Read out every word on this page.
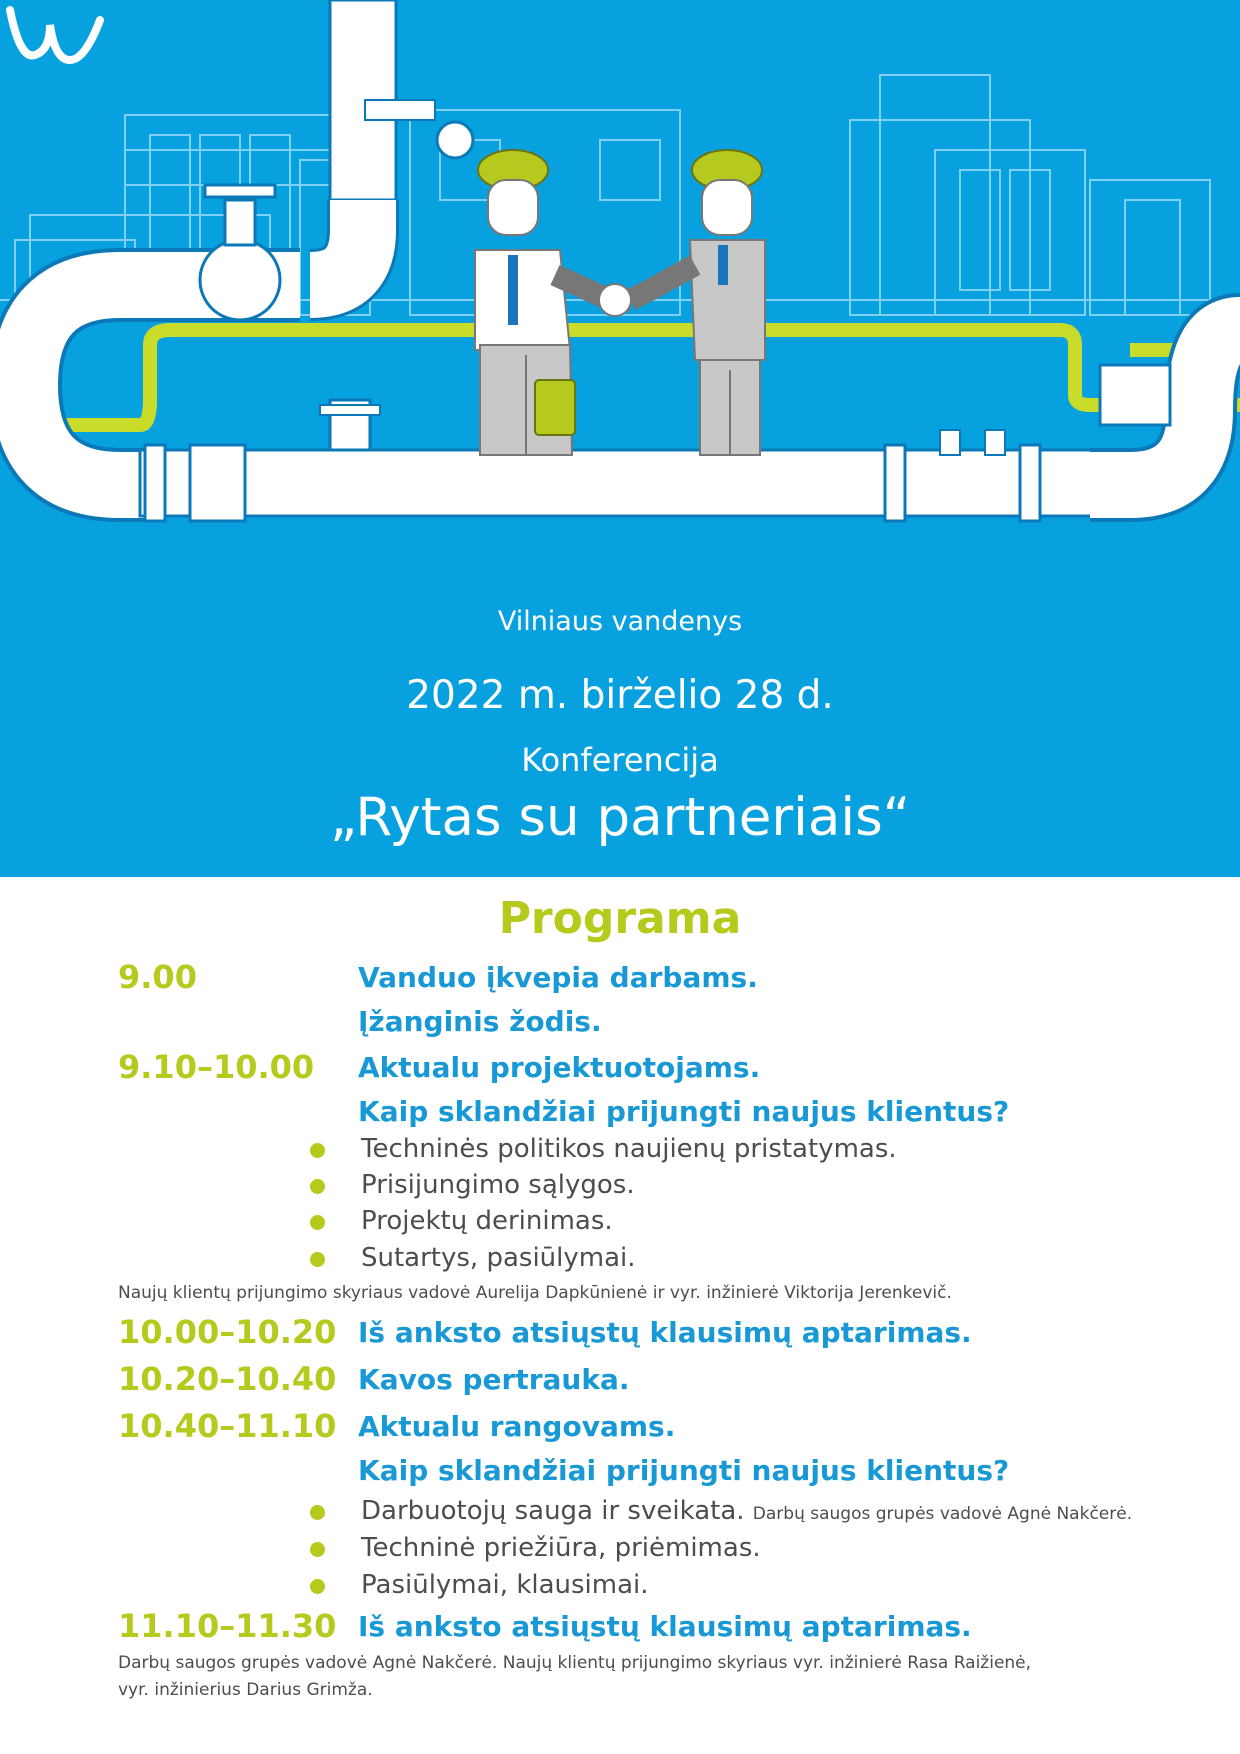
Vilniaus vandenys
2022 m. birželio 28 d.
Konferencija
„Rytas su partneriais“
Programa
9.00	Vanduo įkvepia darbams.
Įžanginis žodis.
9.10–10.00 Aktualu projektuotojams.
Kaip sklandžiai prijungti naujus klientus?
Techninės politikos naujienų pristatymas.
Prisijungimo sąlygos.
Projektų derinimas.
Sutartys, pasiūlymai.
Naujų klientų prijungimo skyriaus vadovė Aurelija Dapkūnienė ir vyr. inžinierė Viktorija Jerenkevič.
10.00–10.20 Iš anksto atsiųstų klausimų aptarimas.
10.20–10.40 Kavos pertrauka.
10.40–11.10 Aktualu rangovams.
Kaip sklandžiai prijungti naujus klientus?
Darbuotojų sauga ir sveikata. Darbų saugos grupės vadovė Agnė Nakčerė.
Techninė priežiūra, priėmimas.
Pasiūlymai, klausimai.
11.10–11.30 Iš anksto atsiųstų klausimų aptarimas.
Darbų saugos grupės vadovė Agnė Nakčerė. Naujų klientų prijungimo skyriaus vyr. inžinierė Rasa Raižienė,
vyr. inžinierius Darius Grimža.
